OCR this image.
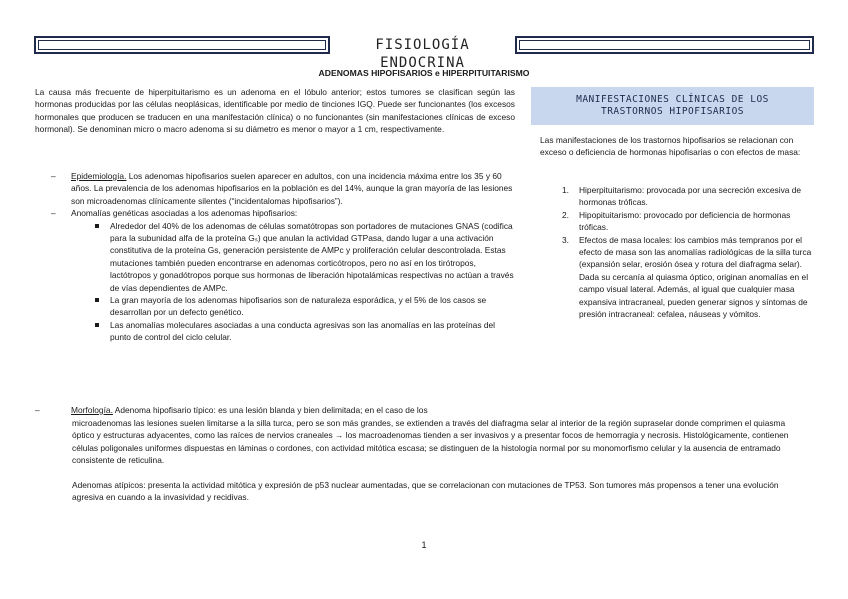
FISIOLOGÍA ENDOCRINA
ADENOMAS HIPOFISARIOS e HIPERPITUITARISMO

La causa más frecuente de hiperpituitarismo es un adenoma en el lóbulo anterior; estos tumores se clasifican según las hormonas producidas por las células neoplásicas, identificable por medio de tinciones IGQ. Puede ser funcionantes (los excesos hormonales que producen se traducen en una manifestación clínica) o no funcionantes (sin manifestaciones clínicas de exceso hormonal). Se denominan micro o macro adenoma si su diámetro es menor o mayor a 1 cm, respectivamente.

– Epidemiología. Los adenomas hipofisarios suelen aparecer en adultos, con una incidencia máxima entre los 35 y 60 años. La prevalencia de los adenomas hipofisarios en la población es del 14%, aunque la gran mayoría de las lesiones son microadenomas clínicamente silentes (“incidentalomas hipofisarios”).
– Anomalías genéticas asociadas a los adenomas hipofisarios:
Alrededor del 40% de los adenomas de células somatótropas son portadores de mutaciones GNAS (codifica para la subunidad alfa de la proteína Gₛ) que anulan la actividad GTPasa, dando lugar a una activación constitutiva de la proteína Gs, generación persistente de AMPc y proliferación celular descontrolada. Estas mutaciones también pueden encontrarse en adenomas corticótropos, pero no así en los tirótropos, lactótropos y gonadótropos porque sus hormonas de liberación hipotalámicas respectivas no actúan a través de vías dependientes de AMPc.
La gran mayoría de los adenomas hipofisarios son de naturaleza esporádica, y el 5% de los casos se desarrollan por un defecto genético.
Las anomalías moleculares asociadas a una conducta agresivas son las anomalías en las proteínas del punto de control del ciclo celular.
–	Morfología. Adenoma hipofisario típico: es una lesión blanda y bien delimitada; en el caso de los

microadenomas las lesiones suelen limitarse a la silla turca, pero se son más grandes, se extienden a través del diafragma selar al interior de la región supraselar donde comprimen el quiasma óptico y estructuras adyacentes, como las raíces de nervios craneales → los macroadenomas tienden a ser invasivos y a presentar focos de hemorragia y necrosis. Histológicamente, contienen células poligonales uniformes dispuestas en láminas o cordones, con actividad mitótica escasa; se distinguen de la histología normal por su monomorfismo celular y la ausencia de entramado consistente de reticulina.

Adenomas atípicos: presenta la actividad mitótica y expresión de p53 nuclear aumentadas, que se correlacionan con mutaciones de TP53. Son tumores más propensos a tener una evolución agresiva en cuando a la invasividad y recidivas.

MANIFESTACIONES CLÍNICAS DE LOS TRASTORNOS HIPOFISARIOS

Las manifestaciones de los trastornos hipofisarios se relacionan con exceso o deficiencia de hormonas hipofisarias o con efectos de masa:

1. Hiperpituitarismo: provocada por una secreción excesiva de hormonas tróficas.
2. Hipopituitarismo: provocado por deficiencia de hormonas tróficas.
3. Efectos de masa locales: los cambios más tempranos por el efecto de masa son las anomalías radiológicas de la silla turca (expansión selar, erosión ósea y rotura del diafragma selar). Dada su cercanía al quiasma óptico, originan anomalías en el campo visual lateral. Además, al igual que cualquier masa expansiva intracraneal, pueden generar signos y síntomas de presión intracraneal: cefalea, náuseas y vómitos.
1
